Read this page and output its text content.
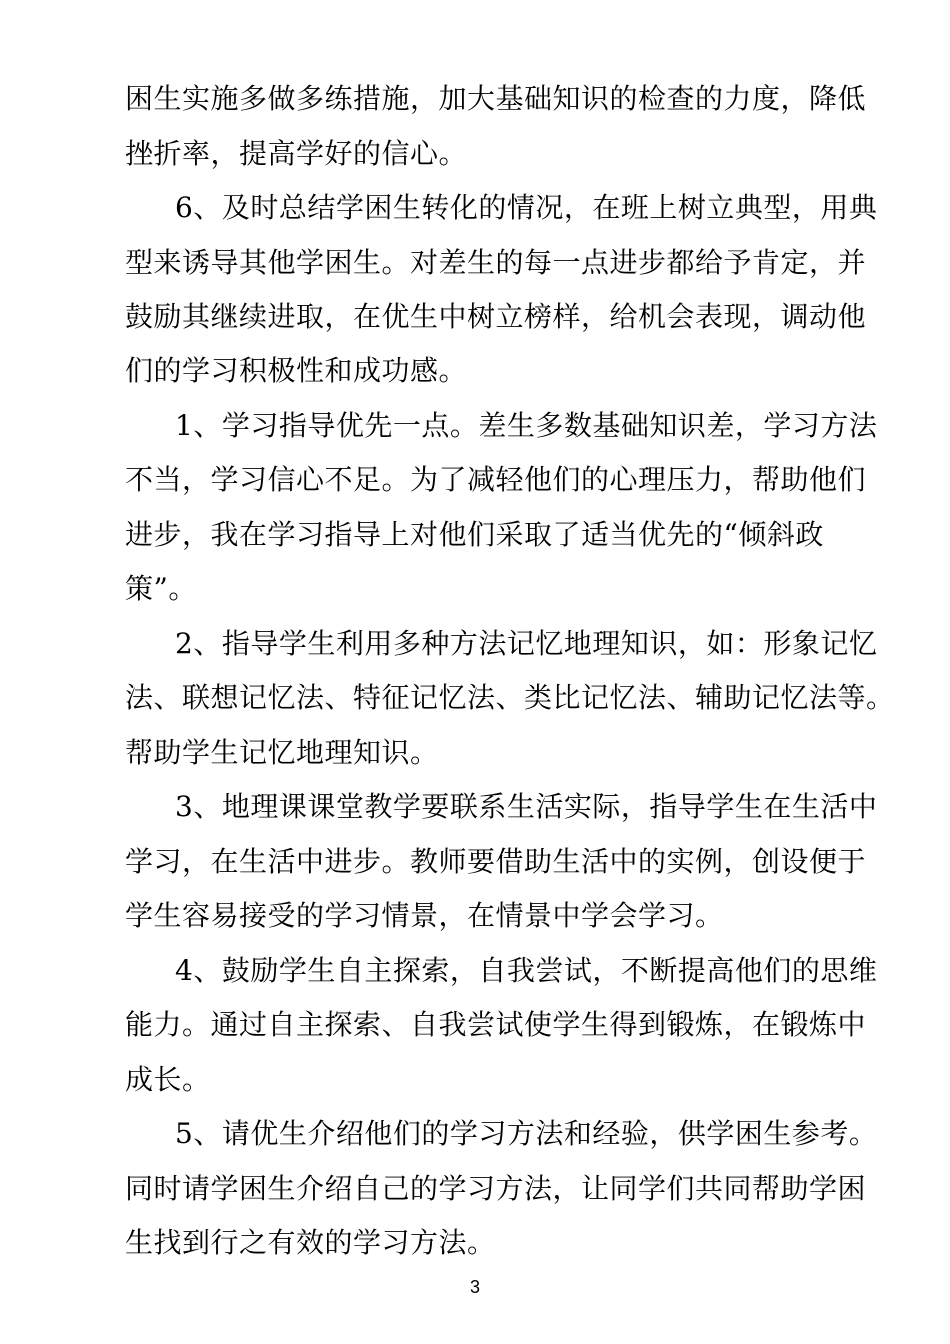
困生实施多做多练措施，加大基础知识的检查的力度，降低
挫折率，提高学好的信心。
6、及时总结学困生转化的情况，在班上树立典型，用典
型来诱导其他学困生。对差生的每一点进步都给予肯定，并
鼓励其继续进取，在优生中树立榜样，给机会表现，调动他
们的学习积极性和成功感。
1、学习指导优先一点。差生多数基础知识差，学习方法
不当，学习信心不足。为了减轻他们的心理压力，帮助他们
进步，我在学习指导上对他们采取了适当优先的“倾斜政
策”。
2、指导学生利用多种方法记忆地理知识，如：形象记忆
法、联想记忆法、特征记忆法、类比记忆法、辅助记忆法等。
帮助学生记忆地理知识。
3、地理课课堂教学要联系生活实际，指导学生在生活中
学习，在生活中进步。教师要借助生活中的实例，创设便于
学生容易接受的学习情景，在情景中学会学习。
4、鼓励学生自主探索，自我尝试，不断提高他们的思维
能力。通过自主探索、自我尝试使学生得到锻炼，在锻炼中
成长。
5、请优生介绍他们的学习方法和经验，供学困生参考。
同时请学困生介绍自己的学习方法，让同学们共同帮助学困
生找到行之有效的学习方法。
3
